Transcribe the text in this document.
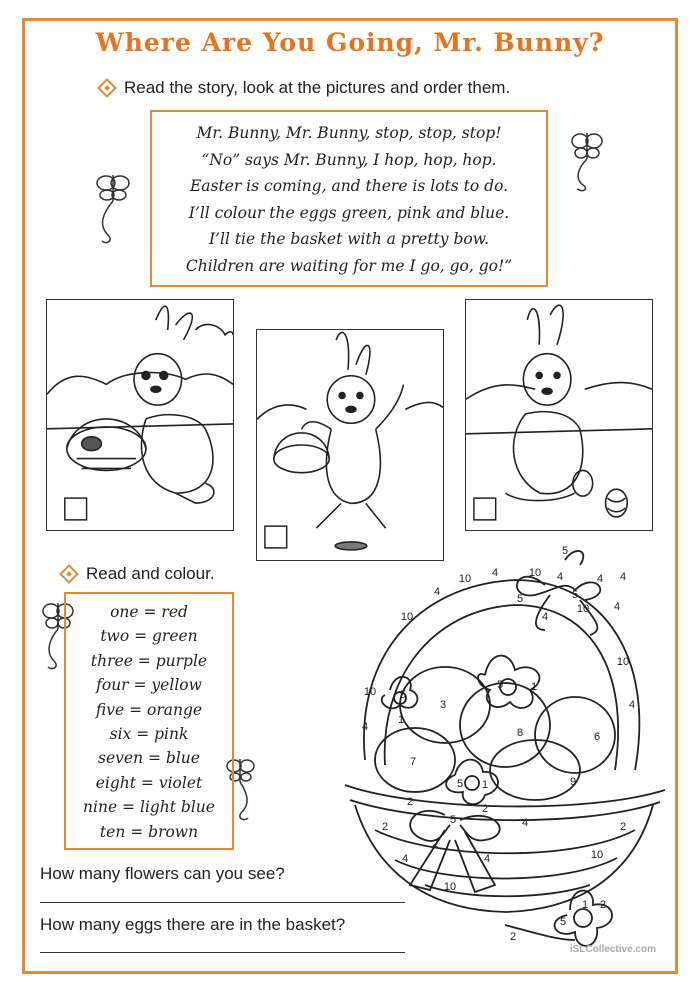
Where Are You Going, Mr. Bunny?
Read the story, look at the pictures and order them.
Mr. Bunny, Mr. Bunny, stop, stop, stop!
“No” says Mr. Bunny, I hop, hop, hop.
Easter is coming, and there is lots to do.
I’ll colour the eggs green, pink and blue.
I’ll tie the basket with a pretty bow.
Children are waiting for me I go, go, go!”
Read and colour.
one = red
two = green
three = purple
four = yellow
five = orange
six = pink
seven = blue
eight = violet
nine = light blue
ten = brown
How many flowers can you see?
How many eggs there are in the basket?
5
10 4	10 4
5
4
5
4
4
10
4
10
4
10 5
1
3
5	1
8
10
4
6
7
5 1	9
4
2
5
2	4	2
2
4	4
2
10
10
1
5
2
2
iSLCollective.com
